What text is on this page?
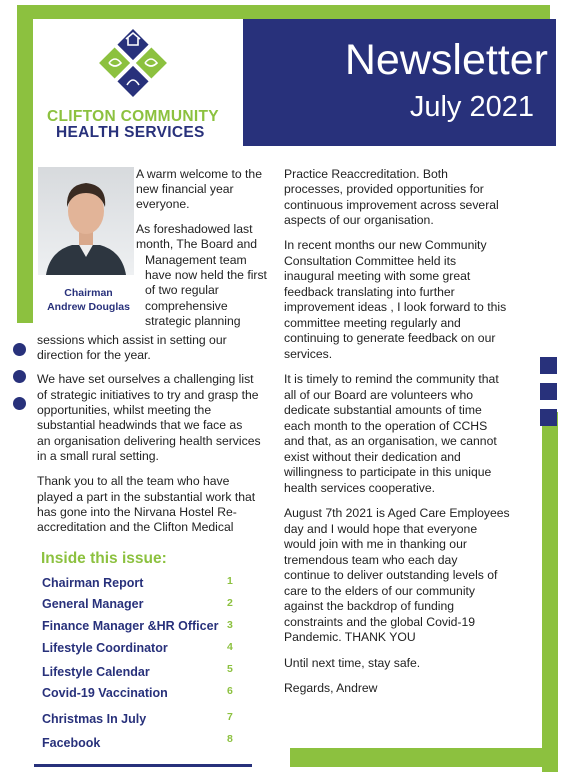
Newsletter
July 2021
CLIFTON COMMUNITY
HEALTH SERVICES
Chairman
Andrew Douglas
A warm welcome to the
new financial year
everyone.
As foreshadowed last
month, The Board and
Management team
have now held the first
of two regular
comprehensive
strategic planning
sessions which assist in setting our
direction for the year.
We have set ourselves a challenging list
of strategic initiatives to try and grasp the
opportunities, whilst meeting the
substantial headwinds that we face as
an organisation delivering health services
in a small rural setting.
Thank you to all the team who have
played a part in the substantial work that
has gone into the Nirvana Hostel Re-
accreditation and the Clifton Medical
Practice Reaccreditation. Both
processes, provided opportunities for
continuous improvement across several
aspects of our organisation.
In recent months our new Community
Consultation Committee held its
inaugural meeting with some great
feedback translating into further
improvement ideas , I look forward to this
committee meeting regularly and
continuing to generate feedback on our
services.
It is timely to remind the community that
all of our Board are volunteers who
dedicate substantial amounts of time
each month to the operation of CCHS
and that, as an organisation, we cannot
exist without their dedication and
willingness to participate in this unique
health services cooperative.
August 7th 2021 is Aged Care Employees
day and I would hope that everyone
would join with me in thanking our
tremendous team who each day
continue to deliver outstanding levels of
care to the elders of our community
against the backdrop of funding
constraints and the global Covid-19
Pandemic. THANK YOU
Until next time, stay safe.
Regards, Andrew
Inside this issue:
Chairman Report	1
General Manager	2
Finance Manager &HR Officer 3
Lifestyle Coordinator	4
Lifestyle Calendar	5
Covid-19 Vaccination	6
Christmas In July	7
Facebook	8
